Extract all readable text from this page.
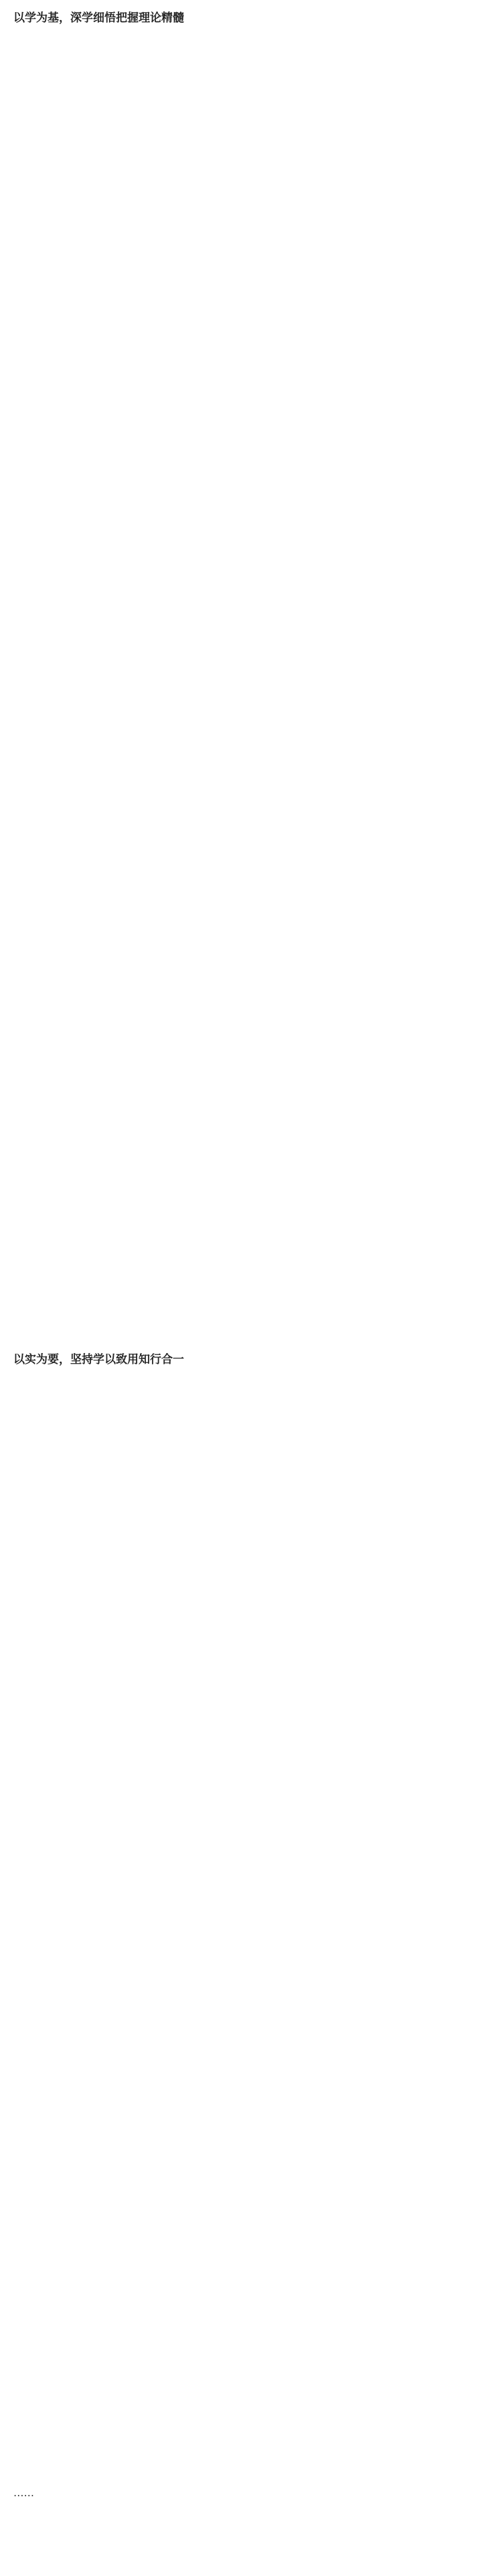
以学为基，深学细悟把握理论精髓

以实为要，坚持学以致用知行合一

……
